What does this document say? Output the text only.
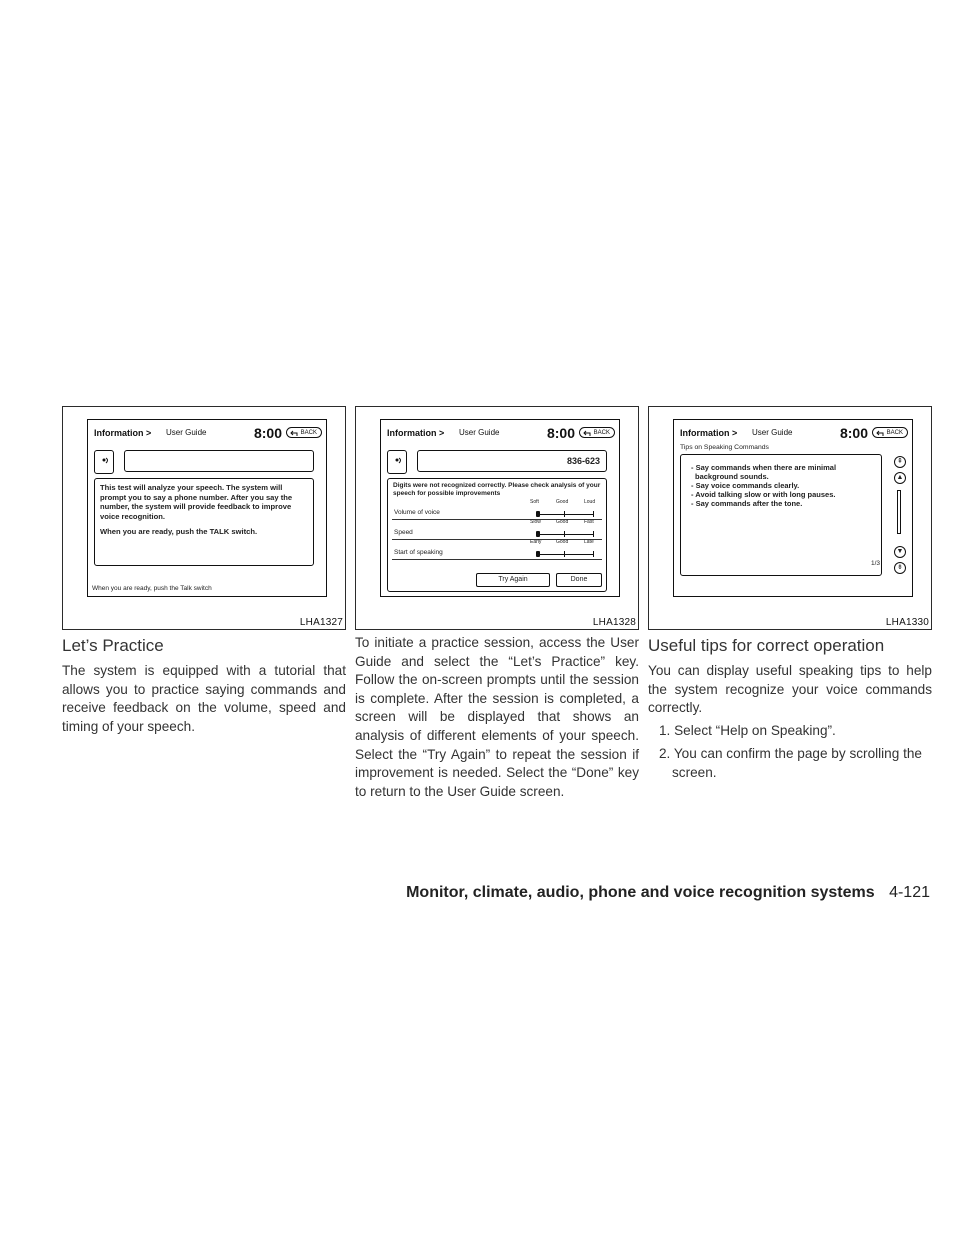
Information > User Guide	8:00	BACK

This test will analyze your speech. The system will prompt you to say a phone number. After you say the number, the system will provide feedback to improve voice recognition.

When you are ready, push the TALK switch.

When you are ready, push the Talk switch
LHA1327
Information > User Guide	8:00	BACK
836-623
Digits were not recognized correctly. Please check analysis of your speech for possible improvements
Volume of voice
Soft	Good	Loud
Speed
Slow	Good	Fast
Start of speaking
Early	Good	Late
Try Again	Done
LHA1328
Information > User Guide	8:00	BACK
Tips on Speaking Commands
- Say commands when there are minimal
background sounds.
- Say voice commands clearly.
- Avoid talking slow or with long pauses.
- Say commands after the tone.
1/3
⇞
▲
▼
⇟
LHA1330
Let’s Practice

The system is equipped with a tutorial that allows you to practice saying commands and receive feedback on the volume, speed and timing of your speech.

To initiate a practice session, access the User Guide and select the “Let’s Practice” key. Follow the on-screen prompts until the session is complete. After the session is completed, a screen will be displayed that shows an analysis of different elements of your speech. Select the “Try Again” to repeat the session if improvement is needed. Select the “Done” key to return to the User Guide screen.

Useful tips for correct operation

You can display useful speaking tips to help the system recognize your voice commands correctly.

1. Select “Help on Speaking”.
2. You can confirm the page by scrolling the screen.
Monitor, climate, audio, phone and voice recognition systems 4-121
